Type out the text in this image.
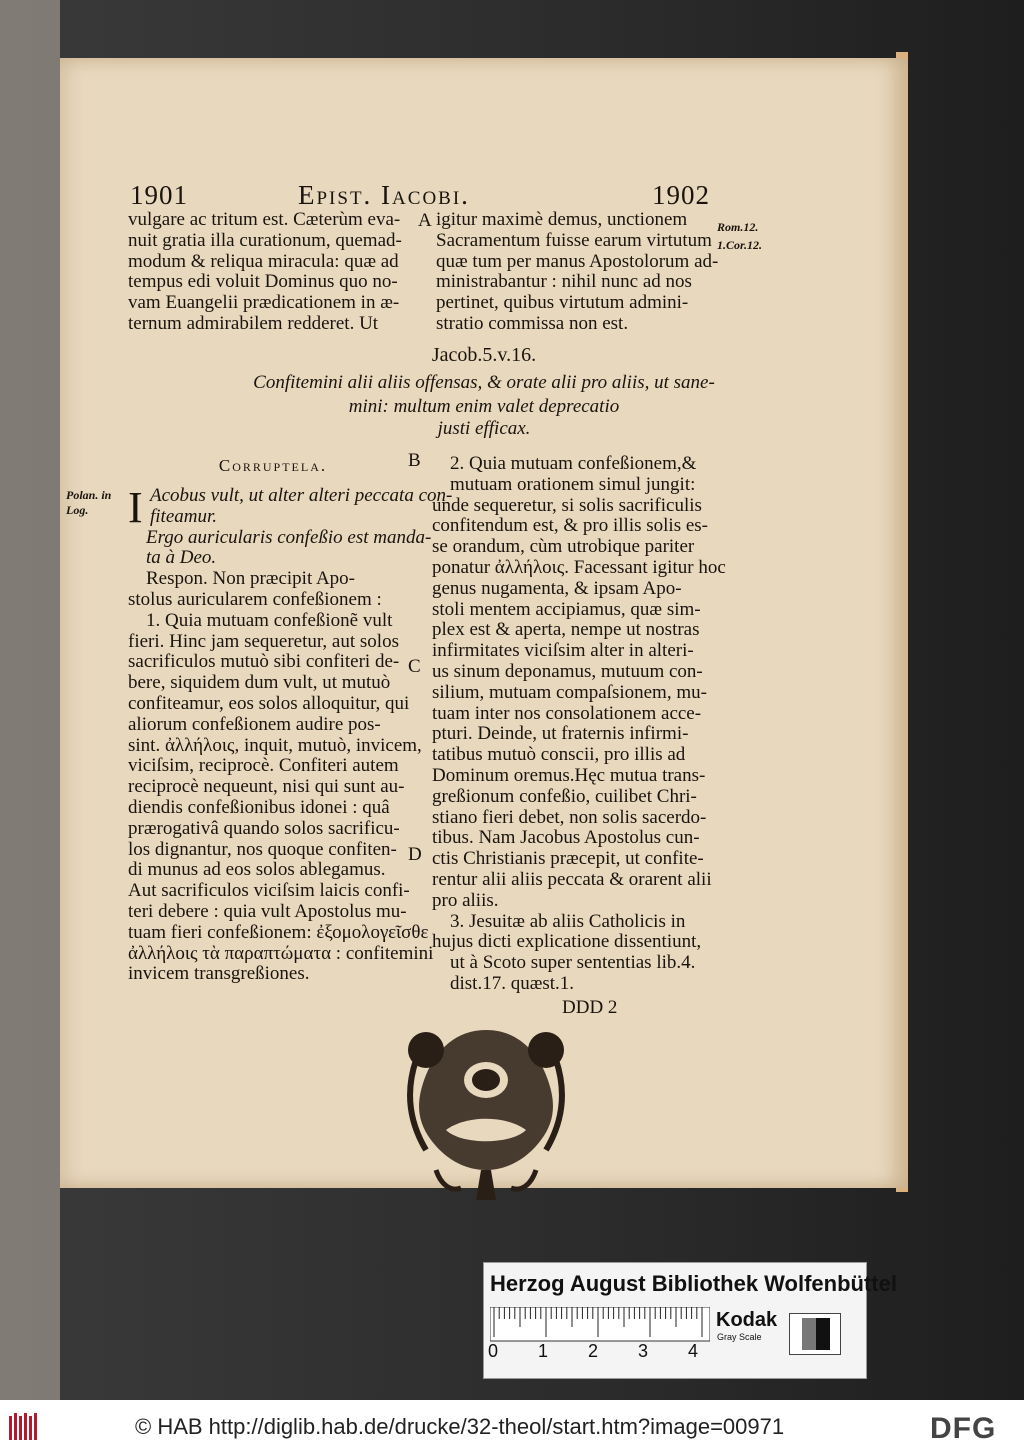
1901	Epist. Iacobi.	1902

vulgare ac tritum est. Cæterùm eva-

nuit gratia illa curationum, quemad-

modum & reliqua miracula: quæ ad

tempus edi voluit Dominus quo no-

vam Euangelii prædicationem in æ-

ternum admirabilem redderet. Ut

A igitur maximè demus, unctionem

Sacramentum fuisse earum virtutum

quæ tum per manus Apostolorum ad-

ministrabantur : nihil nunc ad nos

pertinet, quibus virtutum admini-

stratio commissa non est.

Rom.12.
1.Cor.12.
Jacob.5.v.16.
Confitemini alii aliis offensas, & orate alii pro aliis, ut sane-
mini: multum enim valet deprecatio
justi efficax.
B
Corruptela.
Polan. in
Log. I Acobus vult, ut alter alteri peccata con-

fiteamur.

Ergo auricularis confeßio est manda-

ta à Deo.

Respon. Non præcipit Apo-

stolus auricularem confeßionem :

1. Quia mutuam confeßionẽ vult

fieri. Hinc jam sequeretur, aut solos

sacrificulos mutuò sibi confiteri de-

bere, siquidem dum vult, ut mutuò

confiteamur, eos solos alloquitur, qui

aliorum confeßionem audire pos-

sint. ἀλλήλοις, inquit, mutuò, invicem,

viciſsim, reciprocè. Confiteri autem

reciprocè nequeunt, nisi qui sunt au-

diendis confeßionibus idonei : quâ

prærogativâ quando solos sacrificu-

los dignantur, nos quoque confiten-

di munus ad eos solos ablegamus.

Aut sacrificulos viciſsim laicis confi-

teri debere : quia vult Apostolus mu-

tuam fieri confeßionem: ἐξομολογεῖσθε

ἀλλήλοις τὰ παραπτώματα : confitemini

invicem transgreßiones.

C
D

2. Quia mutuam confeßionem,&

mutuam orationem simul jungit:

unde sequeretur, si solis sacrificulis

confitendum est, & pro illis solis es-

se orandum, cùm utrobique pariter

ponatur ἀλλήλοις. Facessant igitur hoc

genus nugamenta, & ipsam Apo-

stoli mentem accipiamus, quæ sim-

plex est & aperta, nempe ut nostras

infirmitates viciſsim alter in alteri-

us sinum deponamus, mutuum con-

silium, mutuam compaſsionem, mu-

tuam inter nos consolationem acce-

pturi. Deinde, ut fraternis infirmi-

tatibus mutuò conscii, pro illis ad

Dominum oremus.Hęc mutua trans-

greßionum confeßio, cuilibet Chri-

stiano fieri debet, non solis sacerdo-

tibus. Nam Jacobus Apostolus cun-

ctis Christianis præcepit, ut confite-

rentur alii aliis peccata & orarent alii

pro aliis.

3. Jesuitæ ab aliis Catholicis in

hujus dicti explicatione dissentiunt,

ut à Scoto super sententias lib.4.

dist.17. quæst.1.

DDD 2

Herzog August Bibliothek Wolfenbüttel
0 1 2 3 4
Kodak
Gray Scale
© HAB http://diglib.hab.de/drucke/32-theol/start.htm?image=00971	DFG
